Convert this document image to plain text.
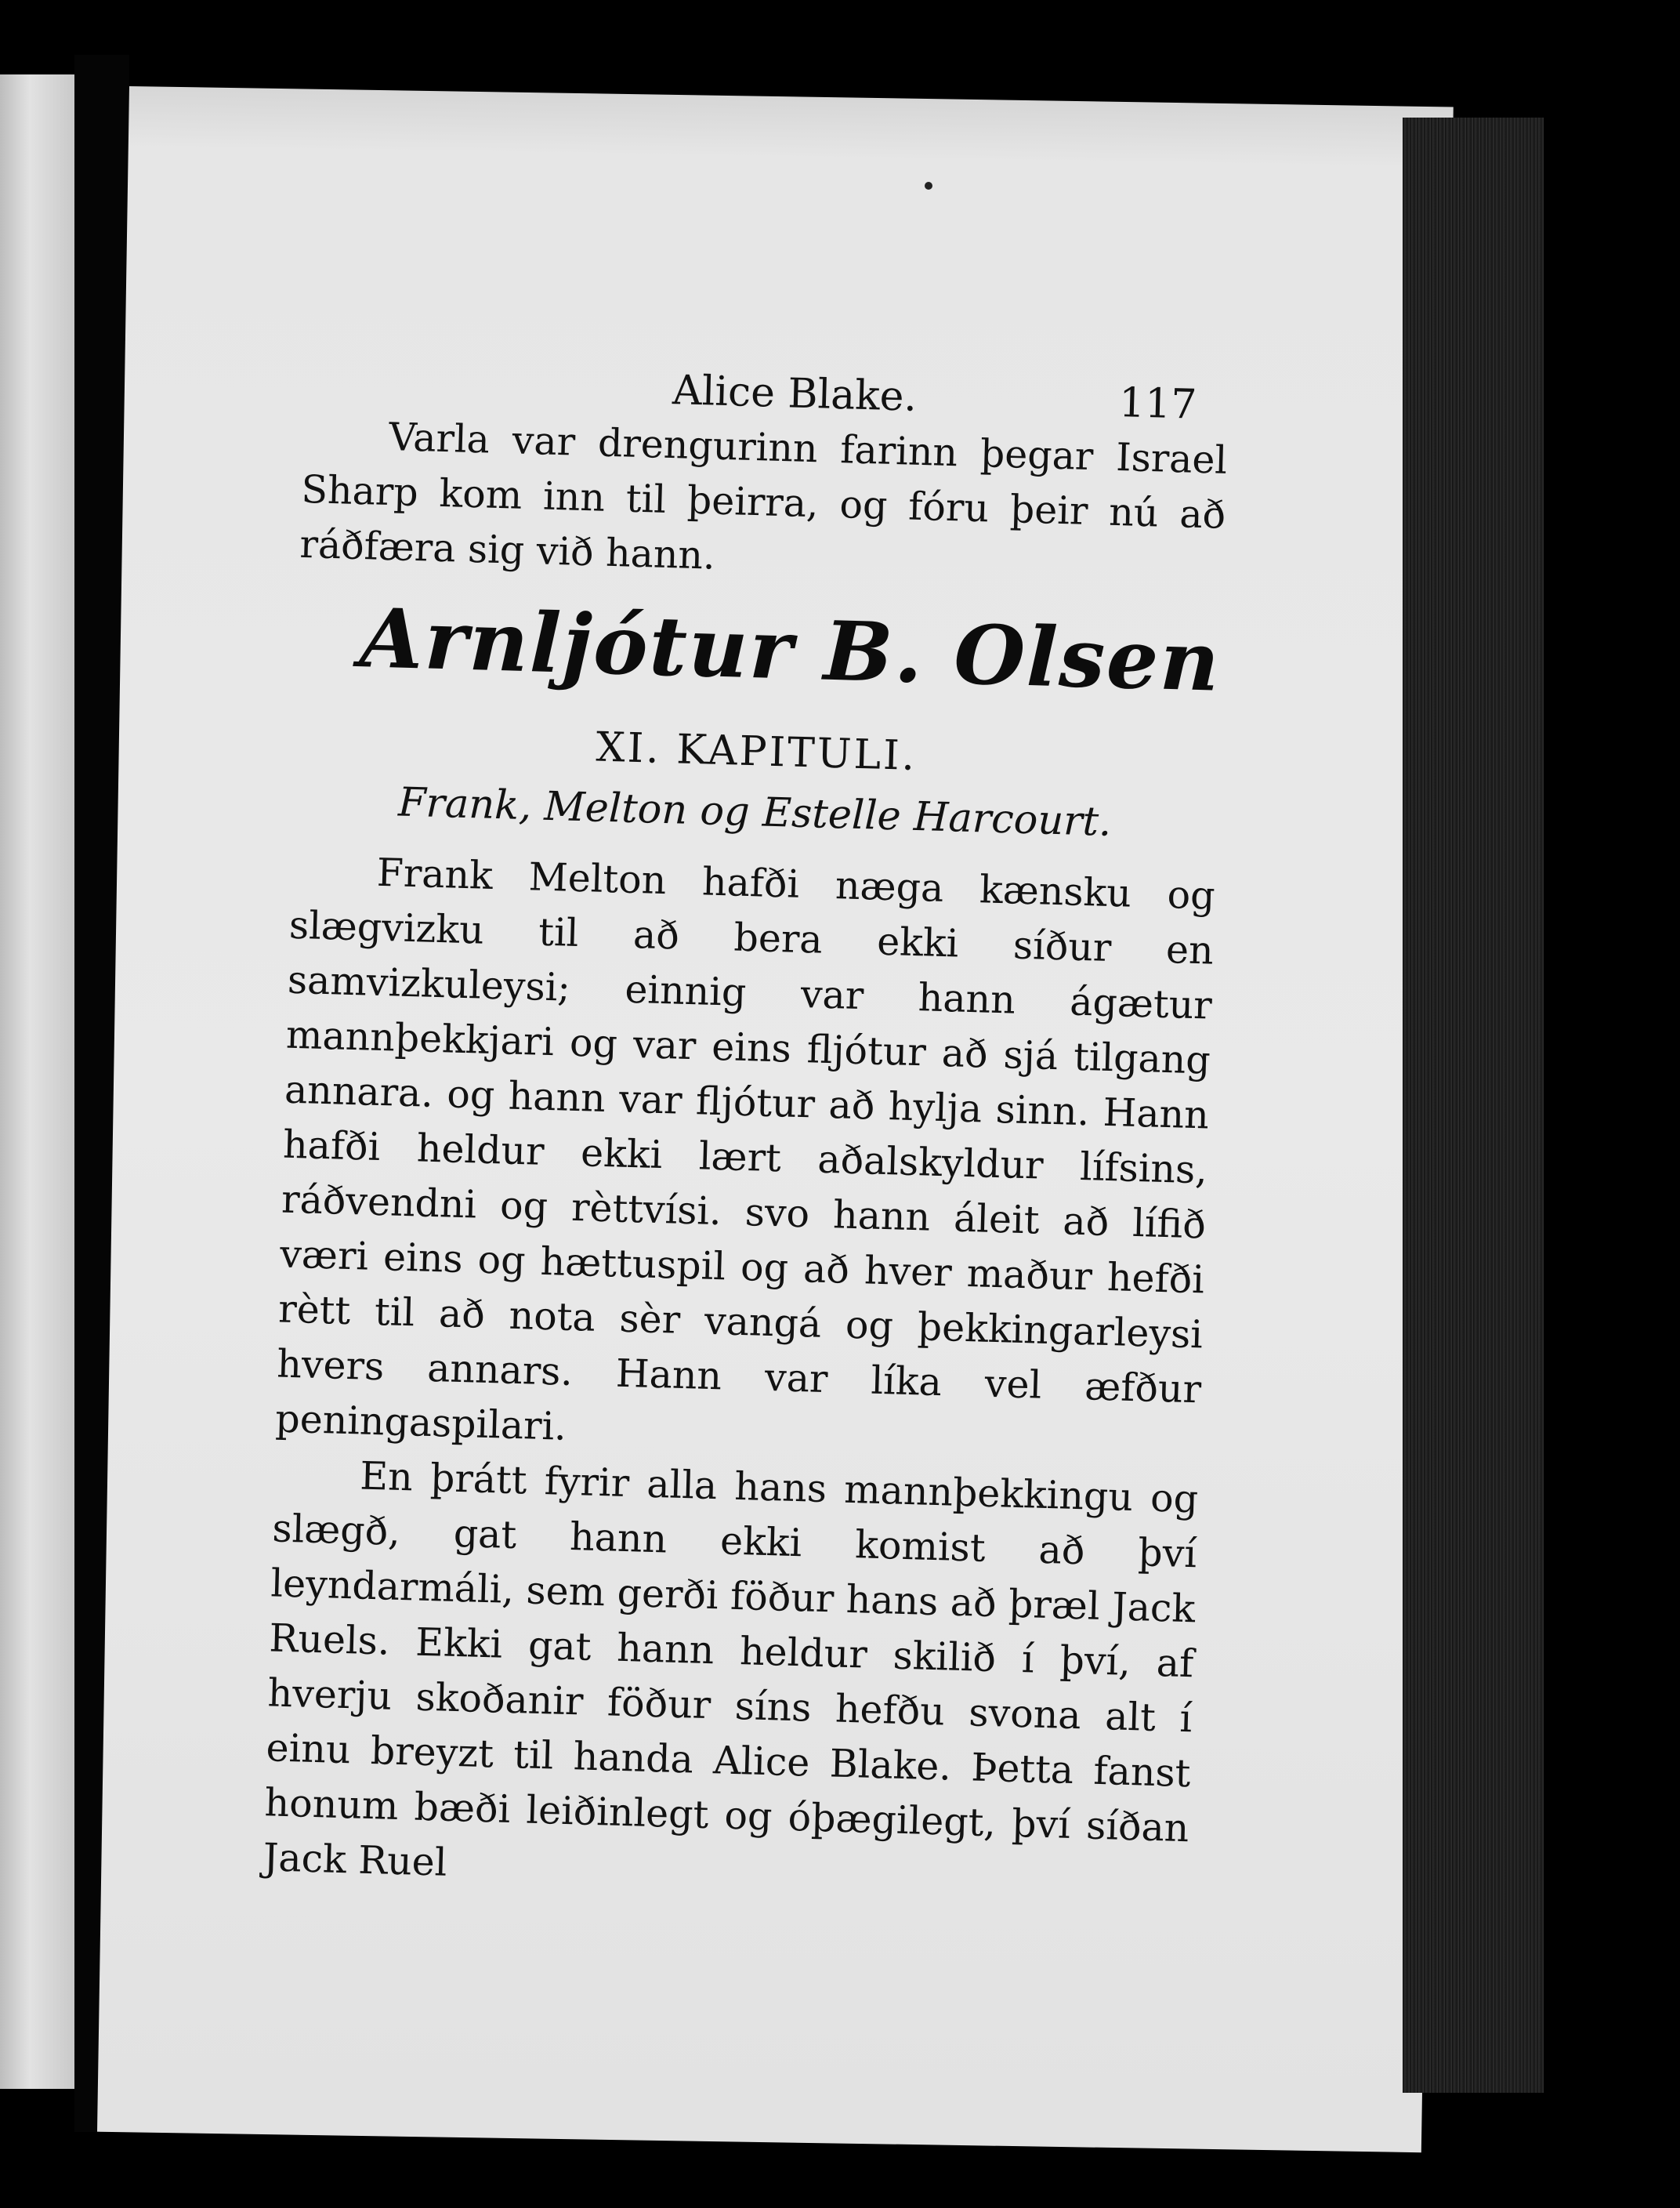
Alice Blake.	117

Varla var drengurinn farinn þegar Israel Sharp kom inn til þeirra, og fóru þeir nú að ráðfæra sig við hann.

Arnljótur B. Olsen
XI. KAPITULI.
Frank, Melton og Estelle Harcourt.

Frank Melton hafði næga kænsku og slægvizku til að bera ekki síður en samvizkuleysi; einnig var hann ágætur mannþekkjari og var eins fljótur að sjá tilgang annara. og hann var fljótur að hylja sinn. Hann hafði heldur ekki lært aðalskyldur lífsins, ráðvendni og rèttvísi. svo hann áleit að lífið væri eins og hættuspil og að hver maður hefði rètt til að nota sèr vangá og þekkingarleysi hvers annars. Hann var líka vel æfður peningaspilari.

En þrátt fyrir alla hans mannþekkingu og slægð, gat hann ekki komist að því leyndarmáli, sem gerði föður hans að þræl Jack Ruels. Ekki gat hann heldur skilið í því, af hverju skoðanir föður síns hefðu svona alt í einu breyzt til handa Alice Blake. Þetta fanst honum bæði leiðinlegt og óþægilegt, því síðan Jack Ruel
